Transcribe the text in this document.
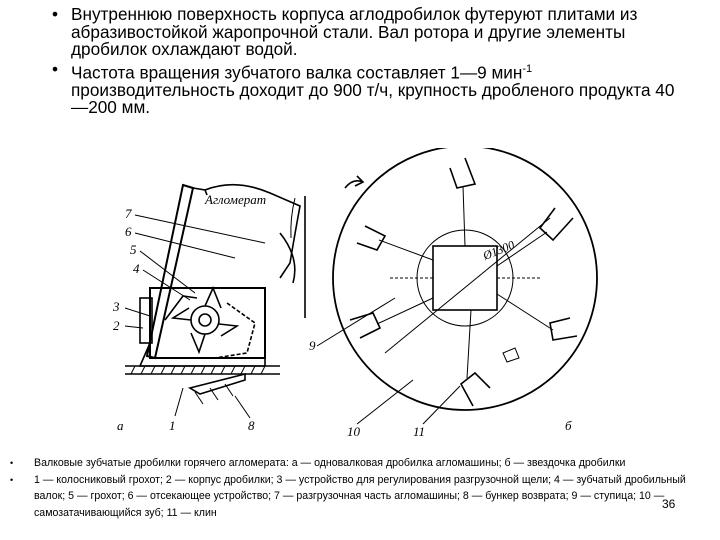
• Внутреннюю поверхность корпуса аглодробилок футеруют плитами из абразивостойкой жаропрочной стали. Вал ротора и другие элементы дробилок охлаждают водой.
• Частота вращения зубчатого валка составляет 1—9 мин$^{-1}$ производительность доходит до 900 т/ч, крупность дробленого продукта 40—200 мм.
Агломерат
Ø1300
7
6
5
4
3
2
1	8
9
10	11
а	б
• Валковые зубчатые дробилки горячего агломерата: а — одновалковая дробилка агломашины; б — звездочка дробилки
• 1 — колосниковый грохот; 2 — корпус дробилки; 3 — устройство для регулирования разгрузочной щели; 4 — зубчатый дробильный валок; 5 — грохот; 6 — отсекающее устройство; 7 — разгрузочная часть агломашины; 8 — бункер возврата; 9 — ступица; 10 — самозатачивающийся зуб; 11 — клин
36
